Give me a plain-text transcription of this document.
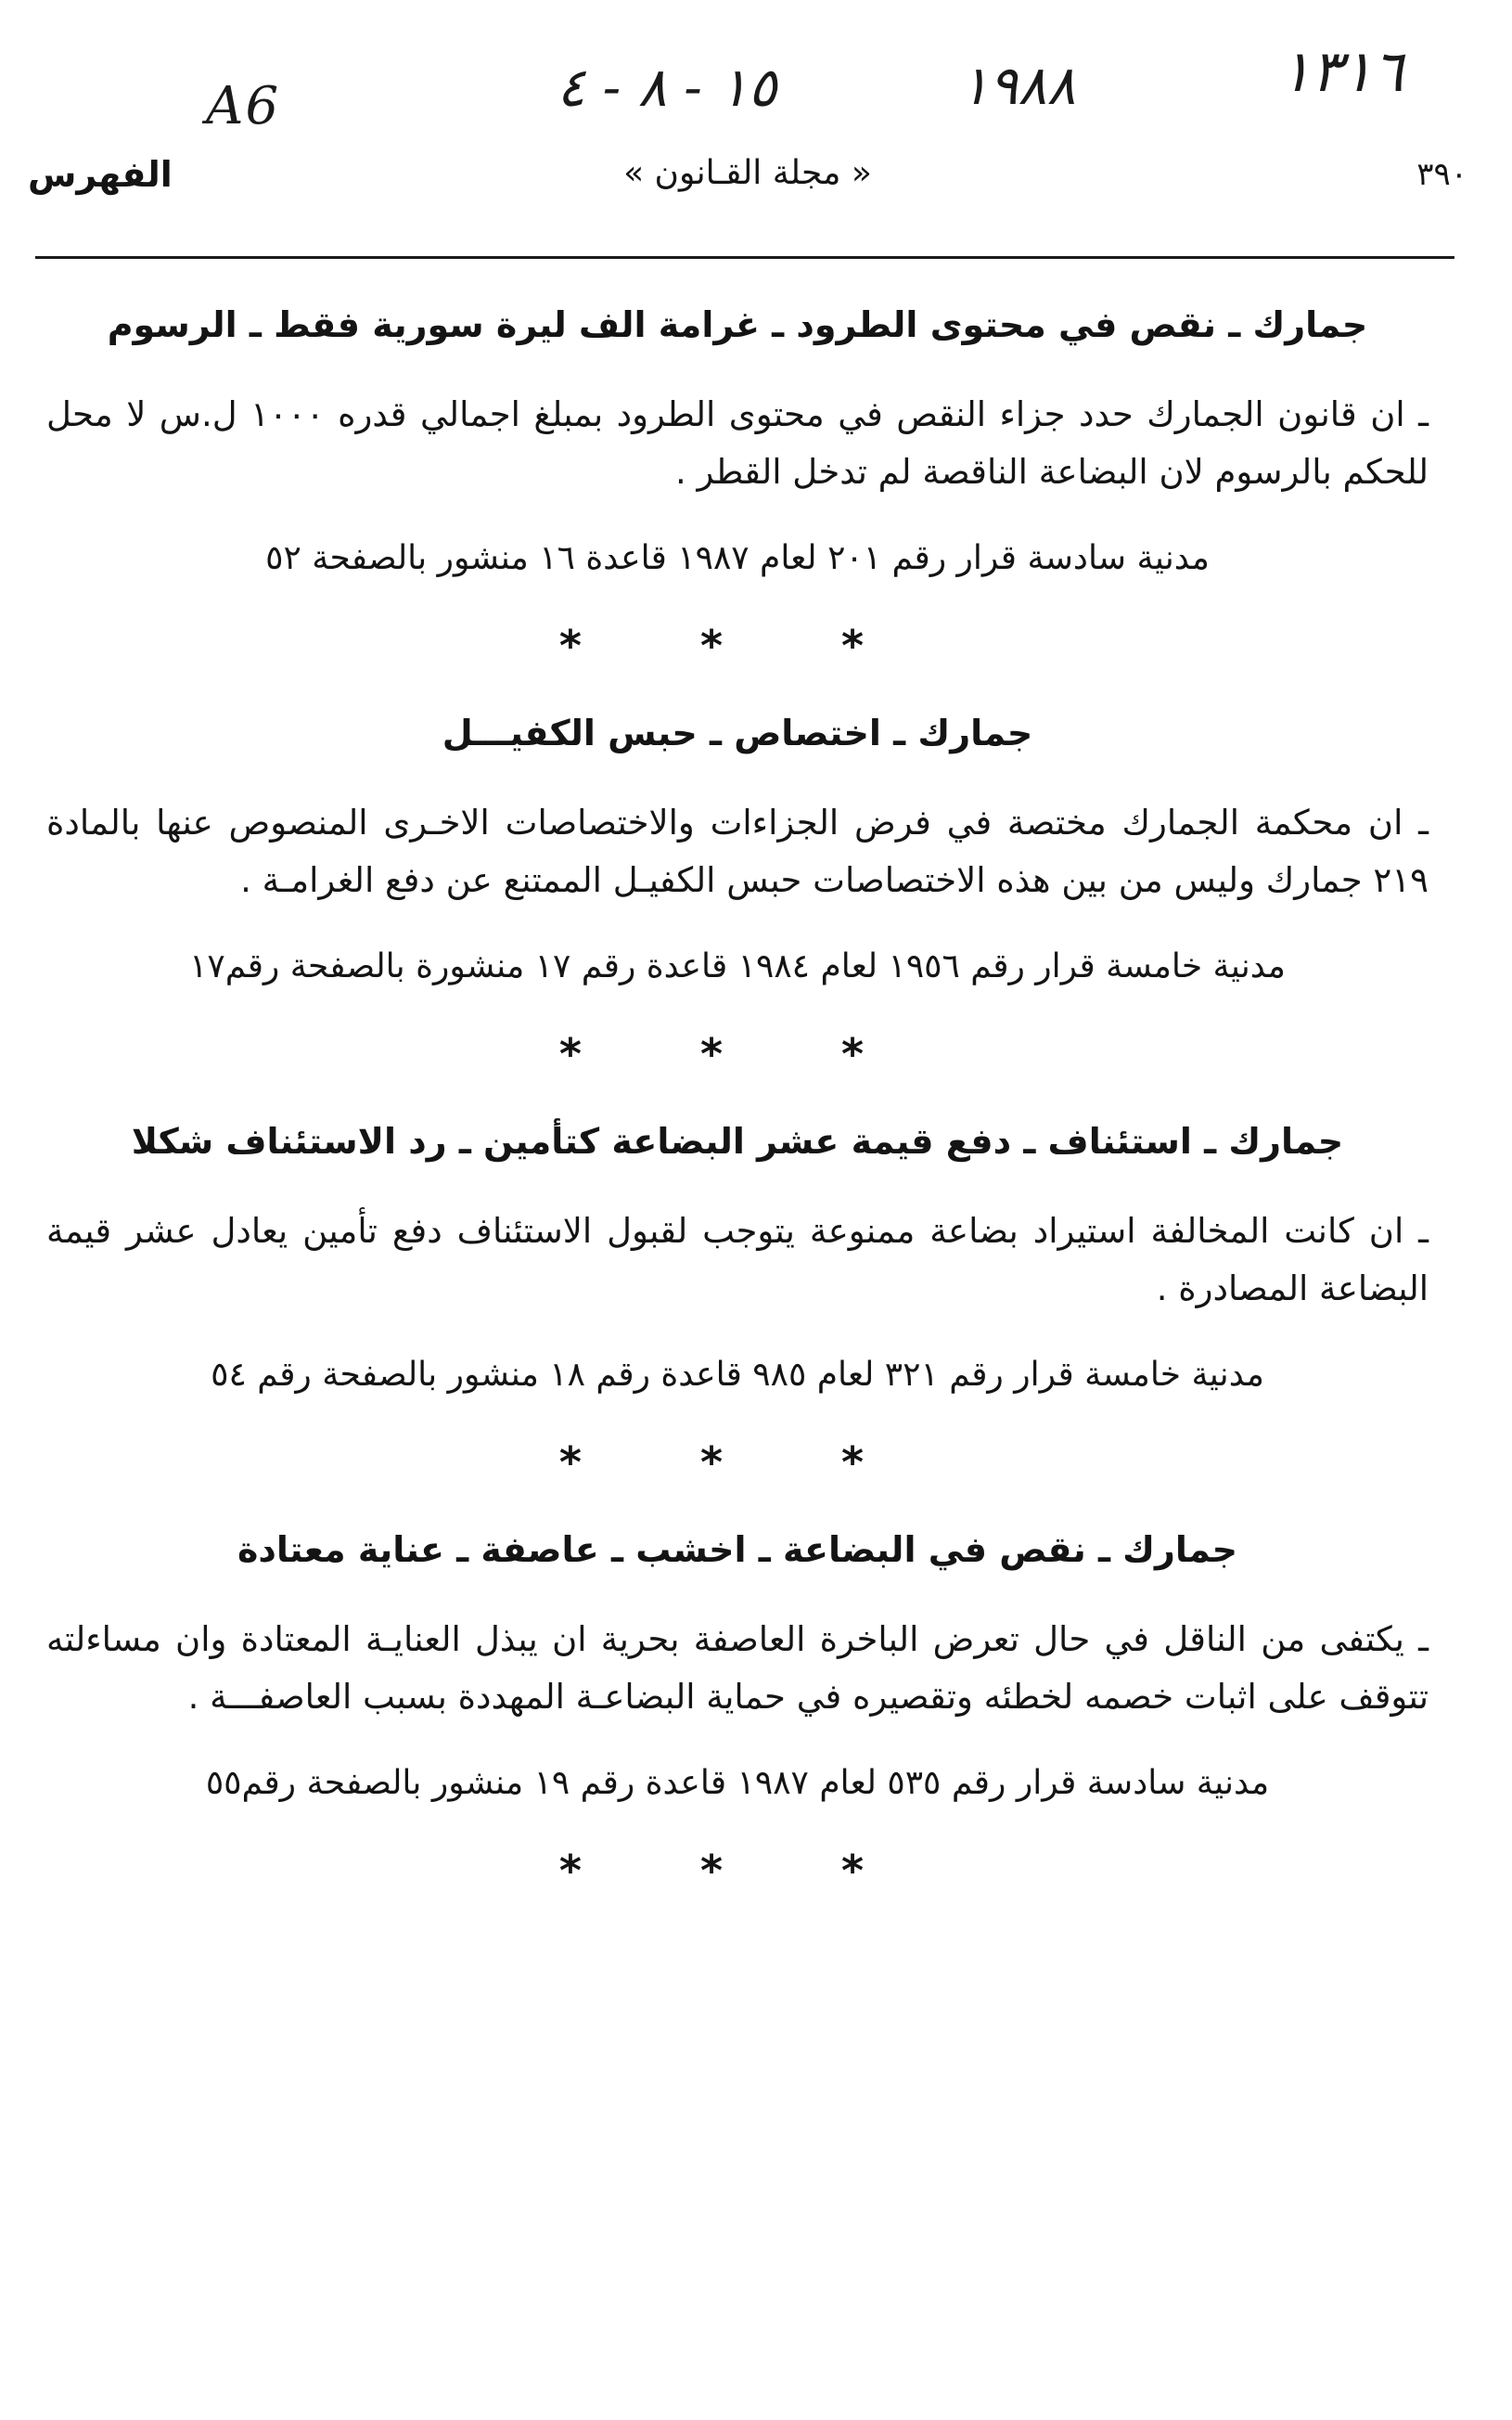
A6	١٥ - ٨ - ٤	١٩٨٨	١٣١٦
٣٩٠
« مجلة القـانون »
الفهرس
جمارك ـ نقص في محتوى الطرود ـ غرامة الف ليرة سورية فقط ـ الرسوم
ـ ان قانون الجمارك حدد جزاء النقص في محتوى الطرود بمبلغ اجمالي قدره ١٠٠٠ ل.س لا محل للحكم بالرسوم لان البضاعة الناقصة لم تدخل القطر .
مدنية سادسة قرار رقم ٢٠١ لعام ١٩٨٧ قاعدة ١٦ منشور بالصفحة ٥٢
* * *
جمارك ـ اختصاص ـ حبس الكفيـــل
ـ ان محكمة الجمارك مختصة في فرض الجزاءات والاختصاصات الاخـرى المنصوص عنها بالمادة ٢١٩ جمارك وليس من بين هذه الاختصاصات حبس الكفيـل الممتنع عن دفع الغرامـة .
مدنية خامسة قرار رقم ١٩٥٦ لعام ١٩٨٤ قاعدة رقم ١٧ منشورة بالصفحة رقم١٧
* * *
جمارك ـ استئناف ـ دفع قيمة عشر البضاعة كتأمين ـ رد الاستئناف شكلا
ـ ان كانت المخالفة استيراد بضاعة ممنوعة يتوجب لقبول الاستئناف دفع تأمين يعادل عشر قيمة البضاعة المصادرة .
مدنية خامسة قرار رقم ٣٢١ لعام ٩٨٥ قاعدة رقم ١٨ منشور بالصفحة رقم ٥٤
* * *
جمارك ـ نقص في البضاعة ـ اخشب ـ عاصفة ـ عناية معتادة
ـ يكتفى من الناقل في حال تعرض الباخرة العاصفة بحرية ان يبذل العنايـة المعتادة وان مساءلته تتوقف على اثبات خصمه لخطئه وتقصيره في حماية البضاعـة المهددة بسبب العاصفـــة .
مدنية سادسة قرار رقم ٥٣٥ لعام ١٩٨٧ قاعدة رقم ١٩ منشور بالصفحة رقم٥٥
* * *
